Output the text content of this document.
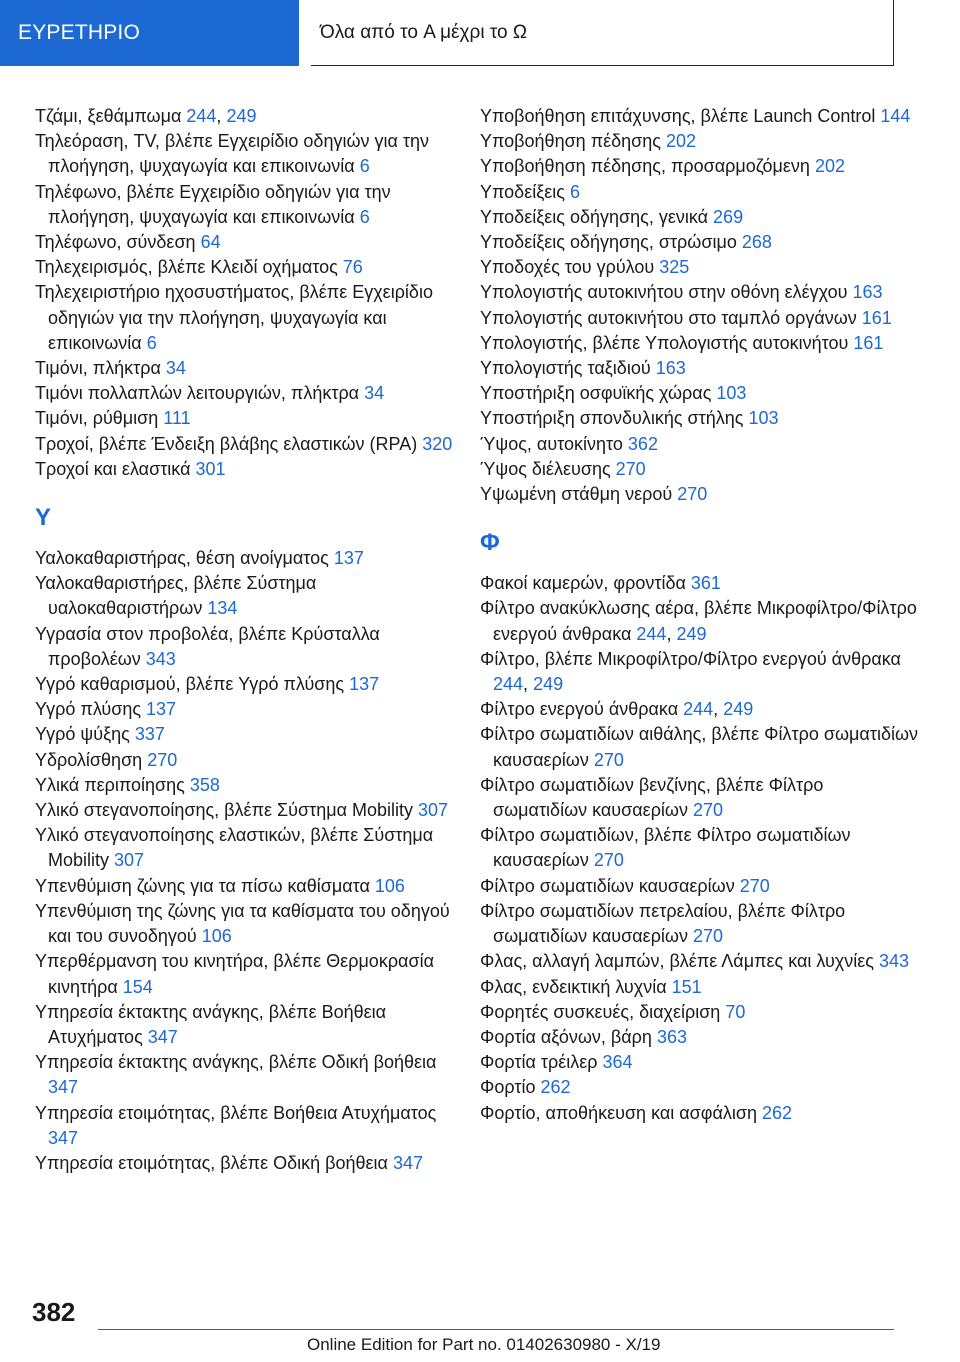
ΕΥΡΕΤΗΡΙΟ	Όλα από το A μέχρι το Ω
Τζάμι, ξεθάμπωμα 244, 249
Τηλεόραση, TV, βλέπε Εγχειρίδιο οδηγιών για την πλοήγηση, ψυχαγωγία και επικοινωνία 6
Τηλέφωνο, βλέπε Εγχειρίδιο οδηγιών για την πλοήγηση, ψυχαγωγία και επικοινωνία 6
Τηλέφωνο, σύνδεση 64
Τηλεχειρισμός, βλέπε Κλειδί οχήματος 76
Τηλεχειριστήριο ηχοσυστήματος, βλέπε Εγχειρίδιο οδηγιών για την πλοήγηση, ψυχαγωγία και επικοινωνία 6
Τιμόνι, πλήκτρα 34
Τιμόνι πολλαπλών λειτουργιών, πλήκτρα 34
Τιμόνι, ρύθμιση 111
Τροχοί, βλέπε Ένδειξη βλάβης ελαστικών (RPA) 320
Τροχοί και ελαστικά 301
Y
Υαλοκαθαριστήρας, θέση ανοίγματος 137
Υαλοκαθαριστήρες, βλέπε Σύστημα υαλοκαθαριστήρων 134
Υγρασία στον προβολέα, βλέπε Κρύσταλλα προβολέων 343
Υγρό καθαρισμού, βλέπε Υγρό πλύσης 137
Υγρό πλύσης 137
Υγρό ψύξης 337
Υδρολίσθηση 270
Υλικά περιποίησης 358
Υλικό στεγανοποίησης, βλέπε Σύστημα Mobility 307
Υλικό στεγανοποίησης ελαστικών, βλέπε Σύστημα Mobility 307
Υπενθύμιση ζώνης για τα πίσω καθίσματα 106
Υπενθύμιση της ζώνης για τα καθίσματα του οδηγού και του συνοδηγού 106
Υπερθέρμανση του κινητήρα, βλέπε Θερμοκρασία κινητήρα 154
Υπηρεσία έκτακτης ανάγκης, βλέπε Βοήθεια Ατυχήματος 347
Υπηρεσία έκτακτης ανάγκης, βλέπε Οδική βοήθεια 347
Υπηρεσία ετοιμότητας, βλέπε Βοήθεια Ατυχήματος 347
Υπηρεσία ετοιμότητας, βλέπε Οδική βοήθεια 347
Υποβοήθηση επιτάχυνσης, βλέπε Launch Control 144
Υποβοήθηση πέδησης 202
Υποβοήθηση πέδησης, προσαρμοζόμενη 202
Υποδείξεις 6
Υποδείξεις οδήγησης, γενικά 269
Υποδείξεις οδήγησης, στρώσιμο 268
Υποδοχές του γρύλου 325
Υπολογιστής αυτοκινήτου στην οθόνη ελέγχου 163
Υπολογιστής αυτοκινήτου στο ταμπλό οργάνων 161
Υπολογιστής, βλέπε Υπολογιστής αυτοκινήτου 161
Υπολογιστής ταξιδιού 163
Υποστήριξη οσφυϊκής χώρας 103
Υποστήριξη σπονδυλικής στήλης 103
Ύψος, αυτοκίνητο 362
Ύψος διέλευσης 270
Υψωμένη στάθμη νερού 270
Φ
Φακοί καμερών, φροντίδα 361
Φίλτρο ανακύκλωσης αέρα, βλέπε Μικροφίλτρο/Φίλτρο ενεργού άνθρακα 244, 249
Φίλτρο, βλέπε Μικροφίλτρο/Φίλτρο ενεργού άνθρακα 244, 249
Φίλτρο ενεργού άνθρακα 244, 249
Φίλτρο σωματιδίων αιθάλης, βλέπε Φίλτρο σωματιδίων καυσαερίων 270
Φίλτρο σωματιδίων βενζίνης, βλέπε Φίλτρο σωματιδίων καυσαερίων 270
Φίλτρο σωματιδίων, βλέπε Φίλτρο σωματιδίων καυσαερίων 270
Φίλτρο σωματιδίων καυσαερίων 270
Φίλτρο σωματιδίων πετρελαίου, βλέπε Φίλτρο σωματιδίων καυσαερίων 270
Φλας, αλλαγή λαμπών, βλέπε Λάμπες και λυχνίες 343
Φλας, ενδεικτική λυχνία 151
Φορητές συσκευές, διαχείριση 70
Φορτία αξόνων, βάρη 363
Φορτία τρέιλερ 364
Φορτίο 262
Φορτίο, αποθήκευση και ασφάλιση 262
382
Online Edition for Part no. 01402630980 - X/19
